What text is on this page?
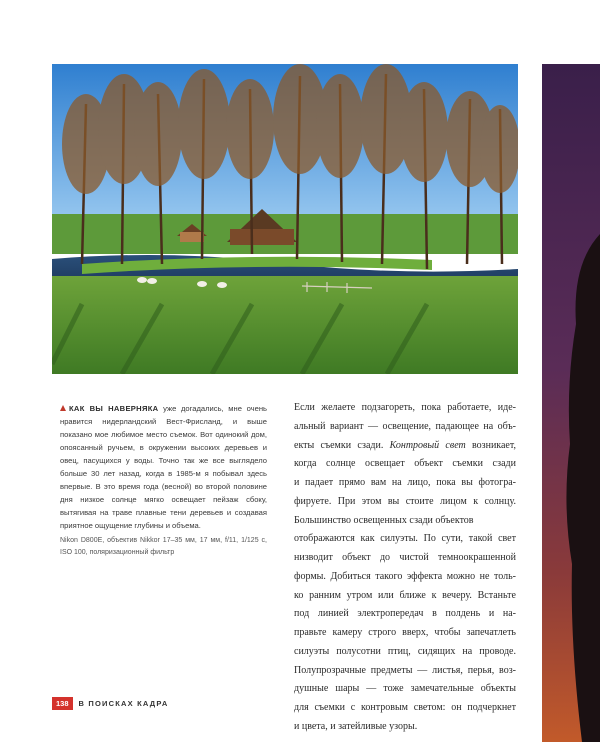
КАК ВЫ НАВЕРНЯКА уже догадались, мне очень нравится нидерландский Вест-Фрисланд, и выше показано мое любимое место съемок. Вот одинокий дом, опоясанный ручьем, в окружении высоких деревьев и овец, пасущихся у воды. Точно так же все выглядело больше 30 лет назад, когда в 1985-м я побывал здесь впервые. В это время года (весной) во второй половине дня низкое солнце мягко освещает пейзаж сбоку, вытягивая на траве плавные тени деревьев и создавая приятное ощущение глубины и объема.
Nikon D800E, объектив Nikkor 17–35 мм, 17 мм, f/11, 1/125 с, ISO 100, поляризационный фильтр
Если желаете подзагореть, пока работаете, иде-
альный вариант — освещение, падающее на объ-
екты съемки сзади. Контровый свет возникает,
когда солнце освещает объект съемки сзади
и падает прямо вам на лицо, пока вы фотогра-
фируете. При этом вы стоите лицом к солнцу.
Большинство освещенных сзади объектов
отображаются как силуэты. По сути, такой свет
низводит объект до чистой темноокрашенной
формы. Добиться такого эффекта можно не толь-
ко ранним утром или ближе к вечеру. Встаньте
под линией электропередач в полдень и на-
правьте камеру строго вверх, чтобы запечатлеть
силуэты полусотни птиц, сидящих на проводе.
Полупрозрачные предметы — листья, перья, воз-
душные шары — тоже замечательные объекты
для съемки с контровым светом: он подчеркнет
и цвета, и затейливые узоры.
138	В ПОИСКАХ КАДРА
